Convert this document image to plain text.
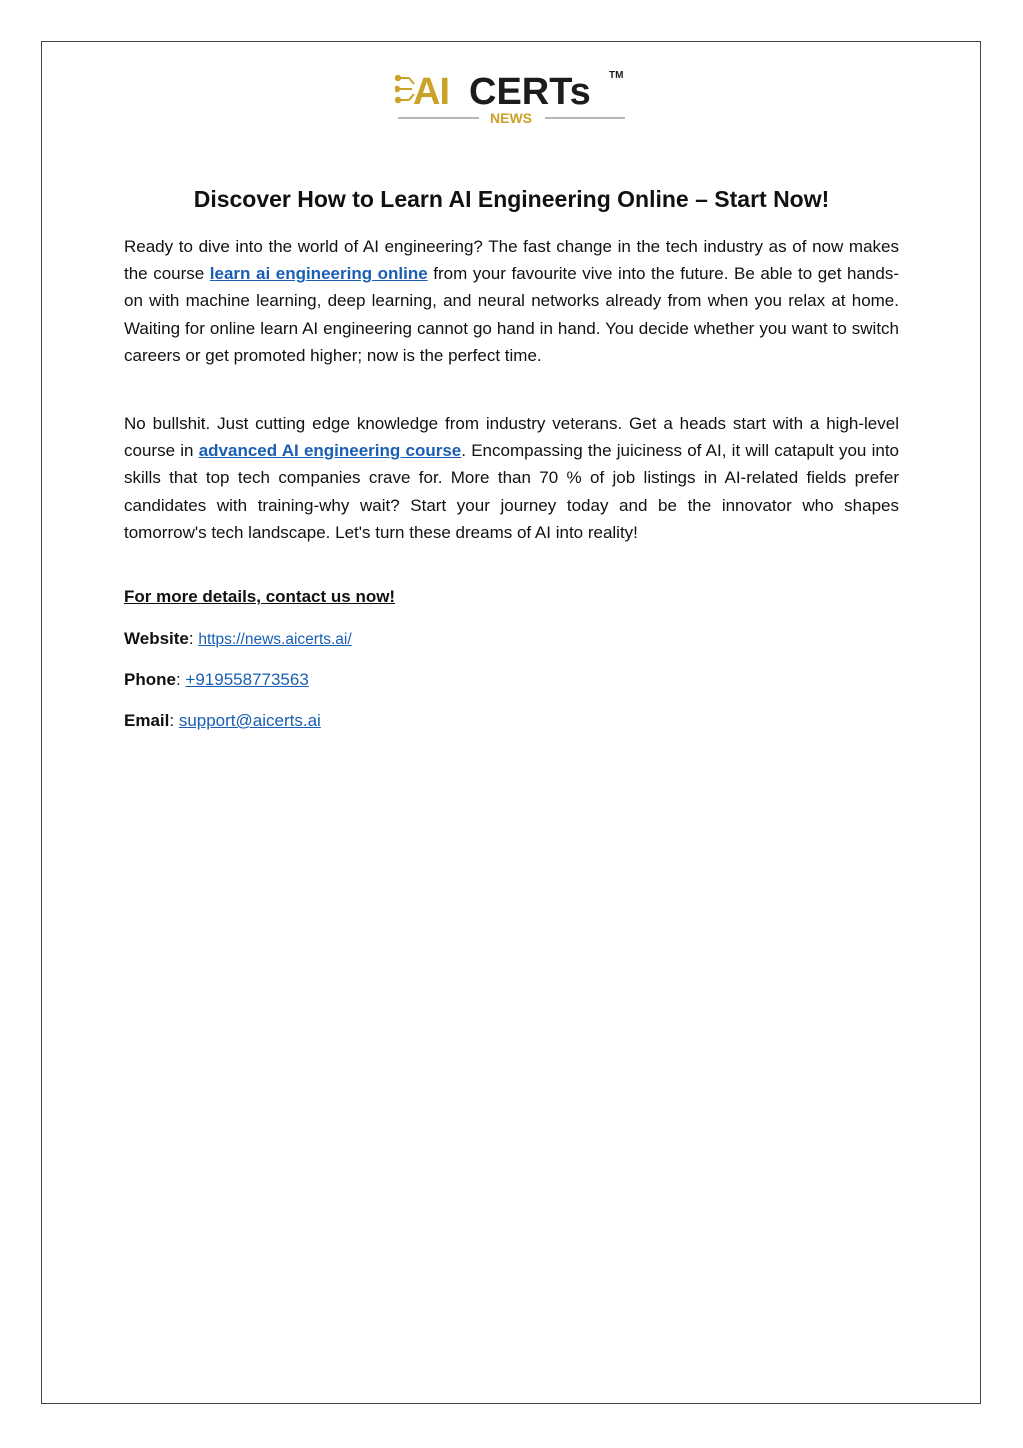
AI CERTs TM
NEWS
Discover How to Learn AI Engineering Online – Start Now!

Ready to dive into the world of AI engineering? The fast change in the tech industry as of now makes the course learn ai engineering online from your favourite vive into the future. Be able to get hands-on with machine learning, deep learning, and neural networks already from when you relax at home. Waiting for online learn AI engineering cannot go hand in hand. You decide whether you want to switch careers or get promoted higher; now is the perfect time.

No bullshit. Just cutting edge knowledge from industry veterans. Get a heads start with a high-level course in advanced AI engineering course. Encompassing the juiciness of AI, it will catapult you into skills that top tech companies crave for. More than 70 % of job listings in AI-related fields prefer candidates with training-why wait? Start your journey today and be the innovator who shapes tomorrow's tech landscape. Let's turn these dreams of AI into reality!

For more details, contact us now!

Website: https://news.aicerts.ai/

Phone: +919558773563

Email: support@aicerts.ai
